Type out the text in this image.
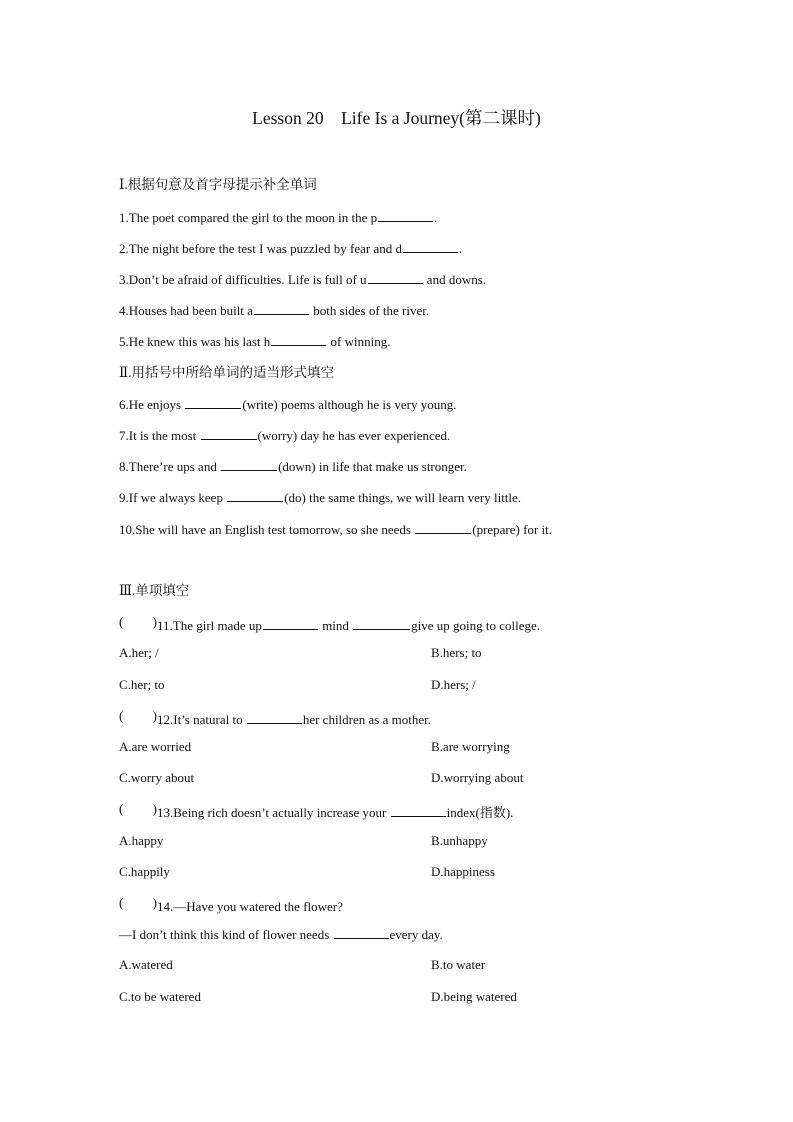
Lesson 20    Life Is a Journey(第二课时)
Ⅰ.根据句意及首字母提示补全单词
1.The poet compared the girl to the moon in the p	.
2.The night before the test I was puzzled by fear and d	.
3.Don’t be afraid of difficulties. Life is full of u	and downs.
4.Houses had been built a	both sides of the river.
5.He knew this was his last h	of winning.
Ⅱ.用括号中所给单词的适当形式填空
6.He enjoys	(write) poems although he is very young.
7.It is the most	(worry) day he has ever experienced.
8.There’re ups and	(down) in life that make us stronger.
9.If we always keep	(do) the same things, we will learn very little.
10.She will have an English test tomorrow, so she needs	(prepare) for it.
Ⅲ.单项填空
( ) 11.The girl made up	mind	give up going to college.
A.her; /	B.hers; to
C.her; to	D.hers; /
( ) 12.It’s natural to	her children as a mother.
A.are worried	B.are worrying
C.worry about	D.worrying about
( ) 13.Being rich doesn’t actually increase your	index(指数).
A.happy	B.unhappy
C.happily	D.happiness
( ) 14.—Have you watered the flower?
—I don’t think this kind of flower needs	every day.
A.watered	B.to water
C.to be watered	D.being watered
